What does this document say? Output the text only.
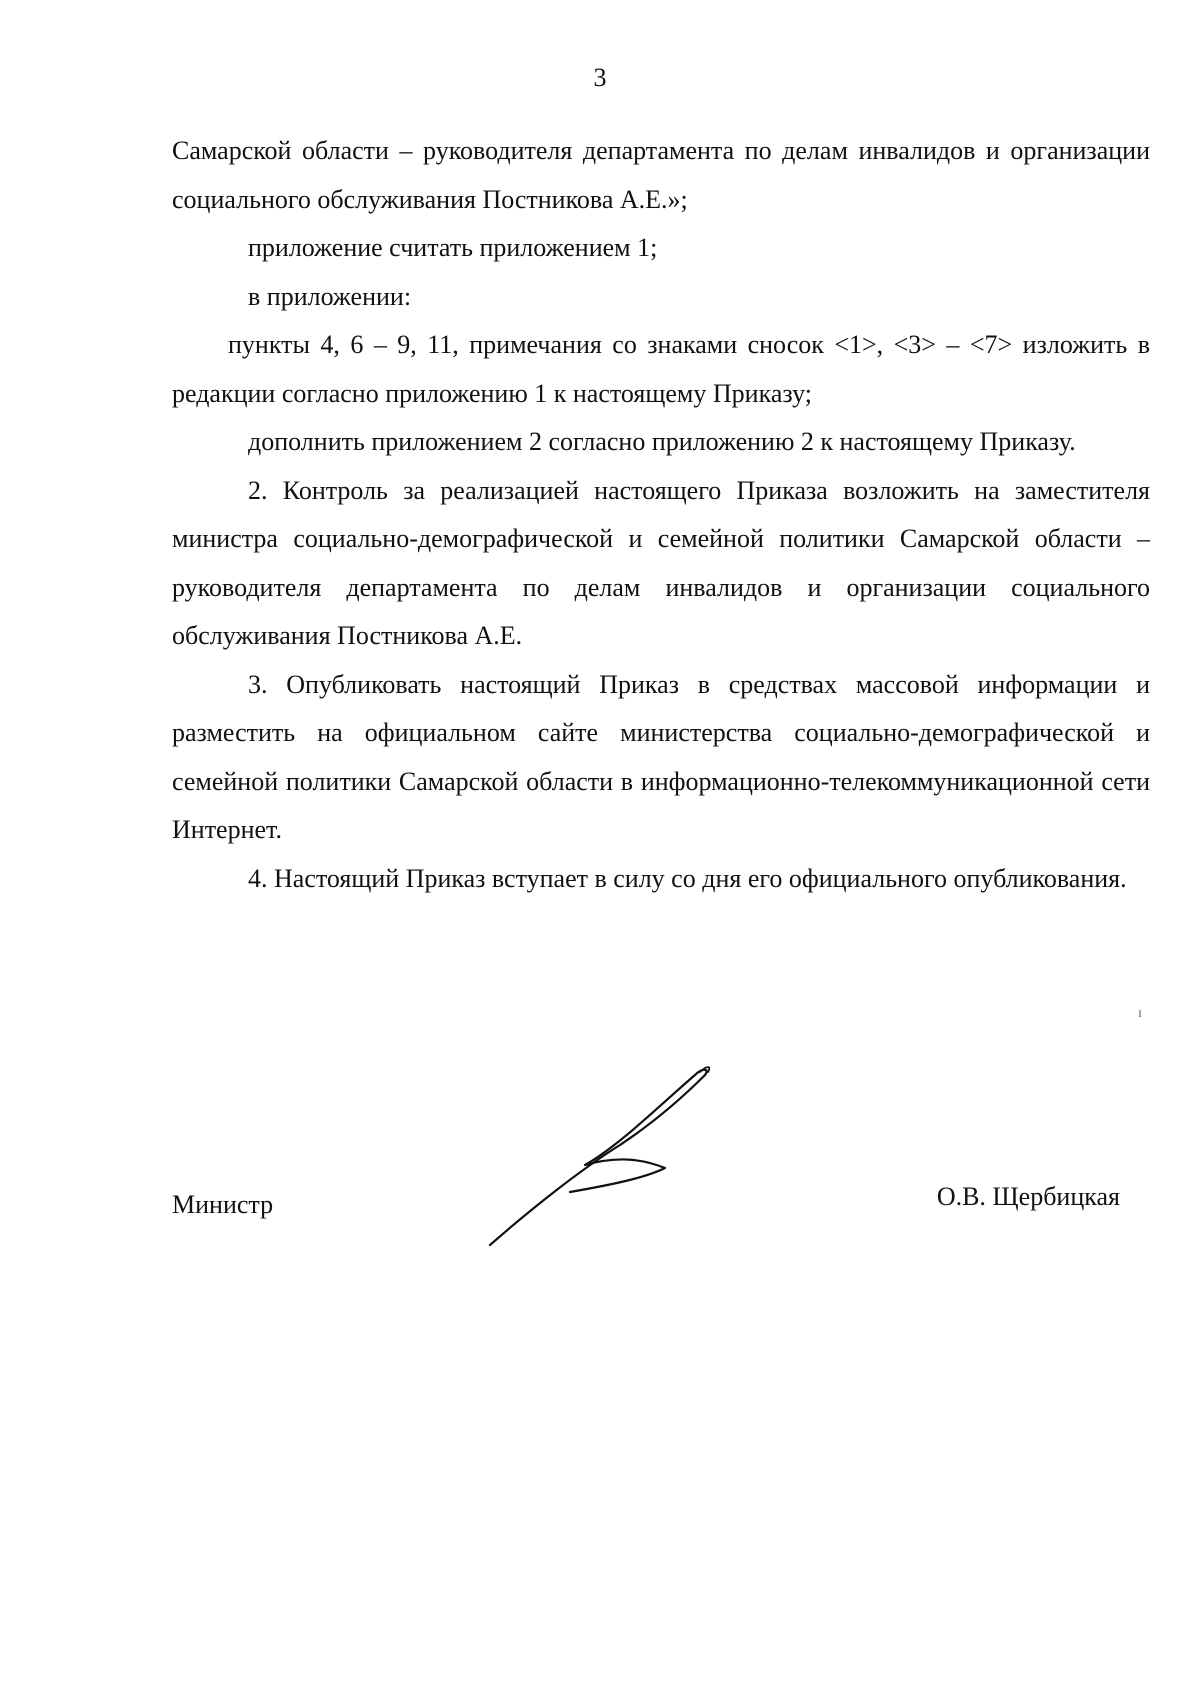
3

Самарской области – руководителя департамента по делам инвалидов и организации социального обслуживания Постникова А.Е.»;

приложение считать приложением 1;

в приложении:

пункты 4, 6 – 9, 11, примечания со знаками сносок <1>, <3> – <7> изложить в редакции согласно приложению 1 к настоящему Приказу;

дополнить приложением 2 согласно приложению 2 к настоящему Приказу.

2. Контроль за реализацией настоящего Приказа возложить на заместителя министра социально-демографической и семейной политики Самарской области – руководителя департамента по делам инвалидов и организации социального обслуживания Постникова А.Е.

3. Опубликовать настоящий Приказ в средствах массовой информации и разместить на официальном сайте министерства социально-демографической и семейной политики Самарской области в информационно-телекоммуникационной сети Интернет.

4. Настоящий Приказ вступает в силу со дня его официального опубликования.

Министр	О.В. Щербицкая
ɪ
